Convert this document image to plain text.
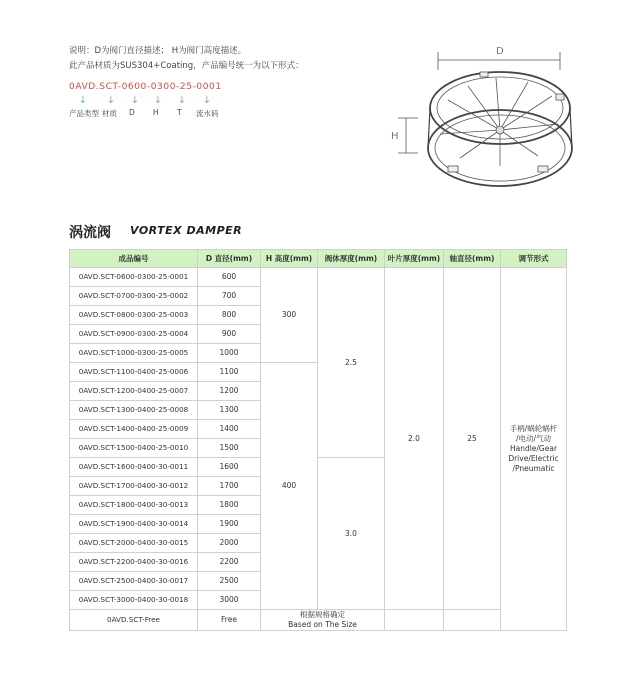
说明：D为阀门直径描述； H为阀门高度描述。
此产品材质为SUS304+Coating，产品编号统一为以下形式：
0AVD.SCT-0600-0300-25-0001
↓ ↓ ↓ ↓ ↓ ↓
产品类型 材质 D H T 流水码
D
H
涡流阀 VORTEX DAMPER
成品编号	D 直径(mm)	H 高度(mm)	阀体厚度(mm)	叶片厚度(mm)	轴直径(mm)	调节形式
0AVD.SCT-0600-0300-25-0001	600	300	2.5	2.0	25	手柄/蜗轮蜗杆
/电动/气动
Handle/Gear
Drive/Electric
/Pneumatic

0AVD.SCT-0700-0300-25-0002	700					
0AVD.SCT-0800-0300-25-0003	800					
0AVD.SCT-0900-0300-25-0004	900					
0AVD.SCT-1000-0300-25-0005	1000					
0AVD.SCT-1100-0400-25-0006	1100	400				
0AVD.SCT-1200-0400-25-0007	1200					
0AVD.SCT-1300-0400-25-0008	1300					
0AVD.SCT-1400-0400-25-0009	1400					
0AVD.SCT-1500-0400-25-0010	1500					
0AVD.SCT-1600-0400-30-0011	1600		3.0			
0AVD.SCT-1700-0400-30-0012	1700					
0AVD.SCT-1800-0400-30-0013	1800					
0AVD.SCT-1900-0400-30-0014	1900					
0AVD.SCT-2000-0400-30-0015	2000					
0AVD.SCT-2200-0400-30-0016	2200					
0AVD.SCT-2500-0400-30-0017	2500					
0AVD.SCT-3000-0400-30-0018	3000					
0AVD.SCT-Free	Free	根据规格确定
Based on The Size				
